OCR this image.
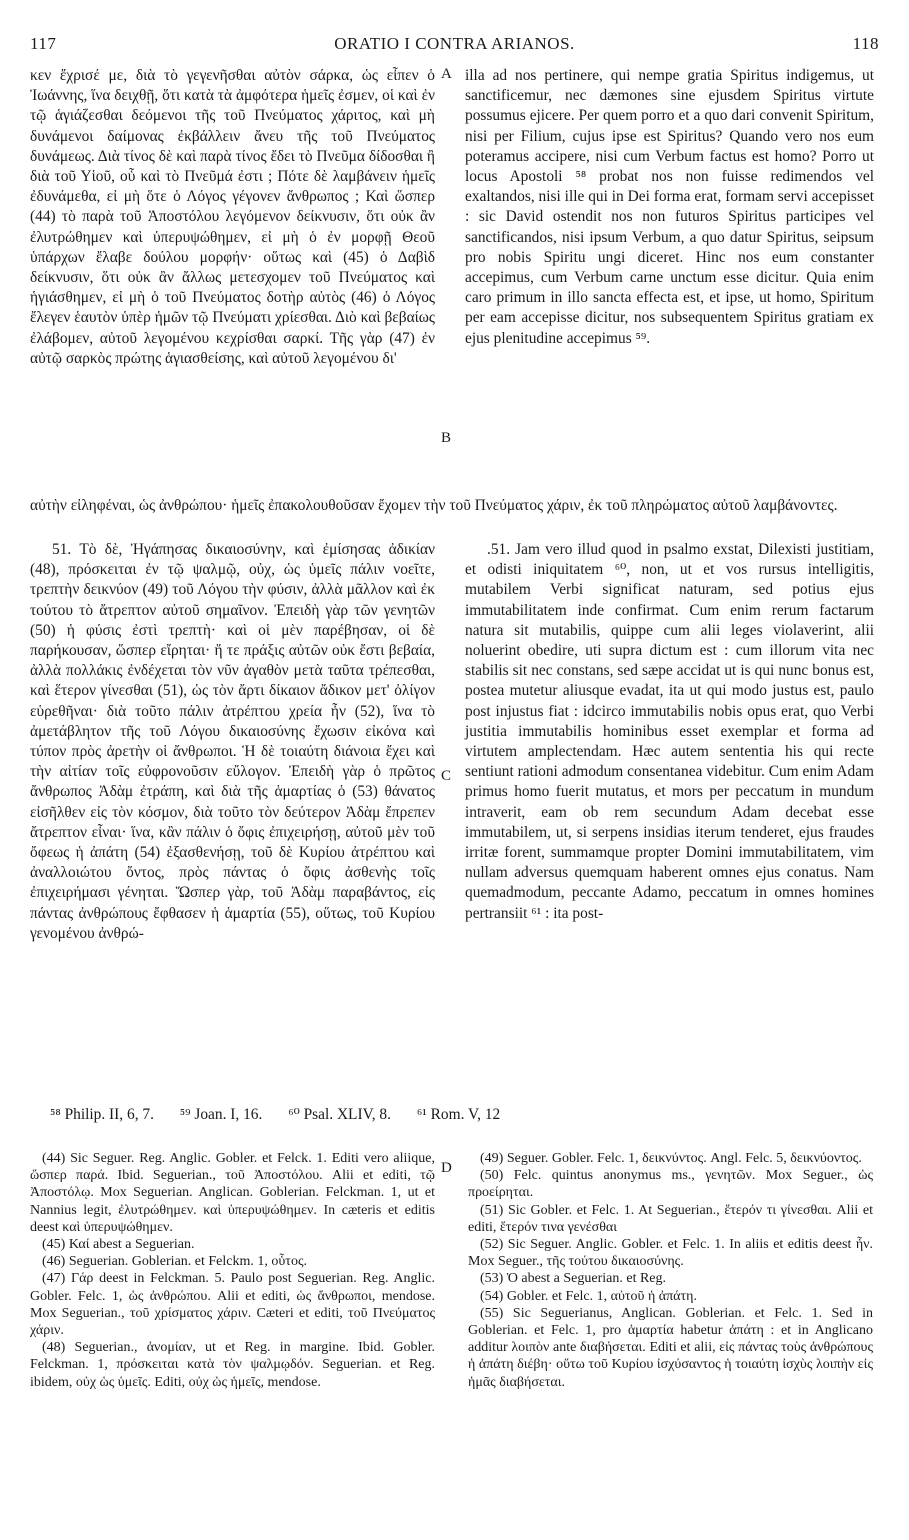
117	ORATIO I CONTRA ARIANOS.	118

κεν ἔχρισέ με, διὰ τὸ γεγενῆσθαι αὐτὸν σάρκα, ὡς εἶπεν ὁ Ἰωάννης, ἵνα δειχθῇ, ὅτι κατὰ τὰ ἀμφότερα ἡμεῖς ἐσμεν, οἱ καὶ ἐν τῷ ἁγιάζεσθαι δεόμενοι τῆς τοῦ Πνεύματος χάριτος, καὶ μὴ δυνάμενοι δαίμονας ἐκβάλλειν ἄνευ τῆς τοῦ Πνεύματος δυνάμεως. Διὰ τίνος δὲ καὶ παρὰ τίνος ἔδει τὸ Πνεῦμα δίδοσθαι ἢ διὰ τοῦ Υἱοῦ, οὗ καὶ τὸ Πνεῦμά ἐστι ; Πότε δὲ λαμβάνειν ἡμεῖς ἐδυνάμεθα, εἰ μὴ ὅτε ὁ Λόγος γέγονεν ἄνθρωπος ; Καὶ ὥσπερ (44) τὸ παρὰ τοῦ Ἀποστόλου λεγόμενον δείκνυσιν, ὅτι οὐκ ἂν ἐλυτρώθημεν καὶ ὑπερυψώθημεν, εἰ μὴ ὁ ἐν μορφῇ Θεοῦ ὑπάρχων ἔλαβε δούλου μορφήν· οὕτως καὶ (45) ὁ Δαβὶδ δείκνυσιν, ὅτι οὐκ ἂν ἄλλως μετεσχομεν τοῦ Πνεύματος καὶ ἡγιάσθημεν, εἰ μὴ ὁ τοῦ Πνεύματος δοτὴρ αὐτὸς (46) ὁ Λόγος ἔλεγεν ἑαυτὸν ὑπὲρ ἡμῶν τῷ Πνεύματι χρίεσθαι. Διὸ καὶ βεβαίως ἐλάβομεν, αὐτοῦ λεγομένου κεχρίσθαι σαρκί. Τῆς γὰρ (47) ἐν αὐτῷ σαρκὸς πρώτης ἁγιασθείσης, καὶ αὐτοῦ λεγομένου δι'

A illa ad nos pertinere, qui nempe gratia Spiritus indigemus, ut sanctificemur, nec dæmones sine ejusdem Spiritus virtute possumus ejicere. Per quem porro et a quo dari convenit Spiritum, nisi per Filium, cujus ipse est Spiritus? Quando vero nos eum poteramus accipere, nisi cum Verbum factus est homo? Porro ut locus Apostoli ⁵⁸ probat nos non fuisse redimendos vel exaltandos, nisi ille qui in Dei forma erat, formam servi accepisset : sic David ostendit nos non futuros Spiritus participes vel sanctificandos, nisi ipsum Verbum, a quo datur Spiritus, seipsum pro nobis Spiritu ungi diceret. Hinc nos eum constanter accepimus, cum Verbum carne unctum esse dicitur. Quia enim caro primum in illo sancta effecta est, et ipse, ut homo, Spiritum per eam accepisse dicitur, nos subsequentem Spiritus gratiam ex ejus plenitudine accepimus ⁵⁹.

B

αὐτὴν εἰληφέναι, ὡς ἀνθρώπου· ἡμεῖς ἐπακολουθοῦσαν ἔχομεν τὴν τοῦ Πνεύματος χάριν, ἐκ τοῦ πληρώματος αὐτοῦ λαμβάνοντες.

51. Τὸ δὲ, Ἠγάπησας δικαιοσύνην, καὶ ἐμίσησας ἀδικίαν (48), πρόσκειται ἐν τῷ ψαλμῷ, οὐχ, ὡς ὑμεῖς πάλιν νοεῖτε, τρεπτὴν δεικνύον (49) τοῦ Λόγου τὴν φύσιν, ἀλλὰ μᾶλλον καὶ ἐκ τούτου τὸ ἄτρεπτον αὐτοῦ σημαῖνον. Ἐπειδὴ γὰρ τῶν γενητῶν (50) ἡ φύσις ἐστὶ τρεπτὴ· καὶ οἱ μὲν παρέβησαν, οἱ δὲ παρήκουσαν, ὥσπερ εἴρηται· ἥ τε πράξις αὐτῶν οὐκ ἔστι βεβαία, ἀλλὰ πολλάκις ἐνδέχεται τὸν νῦν ἀγαθὸν μετὰ ταῦτα τρέπεσθαι, καὶ ἕτερον γίνεσθαι (51), ὡς τὸν ἄρτι δίκαιον ἄδικον μετ' ὀλίγον εὑρεθῆναι· διὰ τοῦτο πάλιν ἀτρέπτου χρεία ἦν (52), ἵνα τὸ ἀμετάβλητον τῆς τοῦ Λόγου δικαιοσύνης ἔχωσιν εἰκόνα καὶ τύπον πρὸς ἀρετὴν οἱ ἄνθρωποι. Ἡ δὲ τοιαύτη διάνοια ἔχει καὶ τὴν αἰτίαν τοῖς εὐφρονοῦσιν εὔλογον. Ἐπειδὴ γὰρ ὁ πρῶτος ἄνθρωπος Ἀδὰμ ἐτράπη, καὶ διὰ τῆς ἁμαρτίας ὁ (53) θάνατος εἰσῆλθεν εἰς τὸν κόσμον, διὰ τοῦτο τὸν δεύτερον Ἀδὰμ ἔπρεπεν ἄτρεπτον εἶναι· ἵνα, κἂν πάλιν ὁ ὄφις ἐπιχειρήσῃ, αὐτοῦ μὲν τοῦ ὄφεως ἡ ἀπάτη (54) ἐξασθενήσῃ, τοῦ δὲ Κυρίου ἀτρέπτου καὶ ἀναλλοιώτου ὄντος, πρὸς πάντας ὁ ὄφις ἀσθενὴς τοῖς ἐπιχειρήμασι γένηται. Ὥσπερ γὰρ, τοῦ Ἀδὰμ παραβάντος, εἰς πάντας ἀνθρώπους ἔφθασεν ἡ ἁμαρτία (55), οὕτως, τοῦ Κυρίου γενομένου ἀνθρώ-

C

.51. Jam vero illud quod in psalmo exstat, Dilexisti justitiam, et odisti iniquitatem ⁶⁰, non, ut et vos rursus intelligitis, mutabilem Verbi significat naturam, sed potius ejus immutabilitatem inde confirmat. Cum enim rerum factarum natura sit mutabilis, quippe cum alii leges violaverint, alii noluerint obedire, uti supra dictum est : cum illorum vita nec stabilis sit nec constans, sed sæpe accidat ut is qui nunc bonus est, postea mutetur aliusque evadat, ita ut qui modo justus est, paulo post injustus fiat : idcirco immutabilis nobis opus erat, quo Verbi justitia immutabilis hominibus esset exemplar et forma ad virtutem amplectendam. Hæc autem sententia his qui recte sentiunt rationi admodum consentanea videbitur. Cum enim Adam primus homo fuerit mutatus, et mors per peccatum in mundum intraverit, eam ob rem secundum Adam decebat esse immutabilem, ut, si serpens insidias iterum tenderet, ejus fraudes irritæ forent, summamque propter Domini immutabilitatem, vim nullam adversus quemquam haberent omnes ejus conatus. Nam quemadmodum, peccante Adamo, peccatum in omnes homines pertransiit ⁶¹ : ita post-

⁵⁸ Philip. II, 6, 7. ⁵⁹ Joan. I, 16. ⁶⁰ Psal. XLIV, 8. ⁶¹ Rom. V, 12
D

(44) Sic Seguer. Reg. Anglic. Gobler. et Felck. 1. Editi vero aliique, ὥσπερ παρά. Ibid. Seguerian., τοῦ Ἀποστόλου. Alii et editi, τῷ Ἀποστόλῳ. Mox Seguerian. Anglican. Goblerian. Felckman. 1, ut et Nannius legit, ἐλυτρώθημεν. καὶ ὑπερυψώθημεν. In cæteris et editis deest καὶ ὑπερυψώθημεν.

(45) Καί abest a Seguerian.

(46) Seguerian. Goblerian. et Felckm. 1, οὗτος.

(47) Γάρ deest in Felckman. 5. Paulo post Seguerian. Reg. Anglic. Gobler. Felc. 1, ὡς ἀνθρώπου. Alii et editi, ὡς ἄνθρωποι, mendose. Mox Seguerian., τοῦ χρίσματος χάριν. Cæteri et editi, τοῦ Πνεύματος χάριν.

(48) Seguerian., ἀνομίαν, ut et Reg. in margine. Ibid. Gobler. Felckman. 1, πρόσκειται κατὰ τὸν ψαλμῳδόν. Seguerian. et Reg. ibidem, οὐχ ὡς ὑμεῖς. Editi, οὐχ ὡς ἡμεῖς, mendose.

(49) Seguer. Gobler. Felc. 1, δεικνύντος. Angl. Felc. 5, δεικνύοντος.

(50) Felc. quintus anonymus ms., γενητῶν. Mox Seguer., ὡς προείρηται.

(51) Sic Gobler. et Felc. 1. At Seguerian., ἕτερόν τι γίνεσθαι. Alii et editi, ἕτερόν τινα γενέσθαι

(52) Sic Seguer. Anglic. Gobler. et Felc. 1. In aliis et editis deest ἦν. Mox Seguer., τῆς τούτου δικαιοσύνης.

(53) Ὁ abest a Seguerian. et Reg.

(54) Gobler. et Felc. 1, αὐτοῦ ἡ ἀπάτη.

(55) Sic Seguerianus, Anglican. Goblerian. et Felc. 1. Sed in Goblerian. et Felc. 1, pro ἁμαρτία habetur ἀπάτη : et in Anglicano additur λοιπὸν ante διαβήσεται. Editi et alii, εἰς πάντας τοὺς ἀνθρώπους ἡ ἀπάτη διέβη· οὕτω τοῦ Κυρίου ἰσχύσαντος ἡ τοιαύτη ἰσχὺς λοιπὴν εἰς ἡμᾶς διαβήσεται.
